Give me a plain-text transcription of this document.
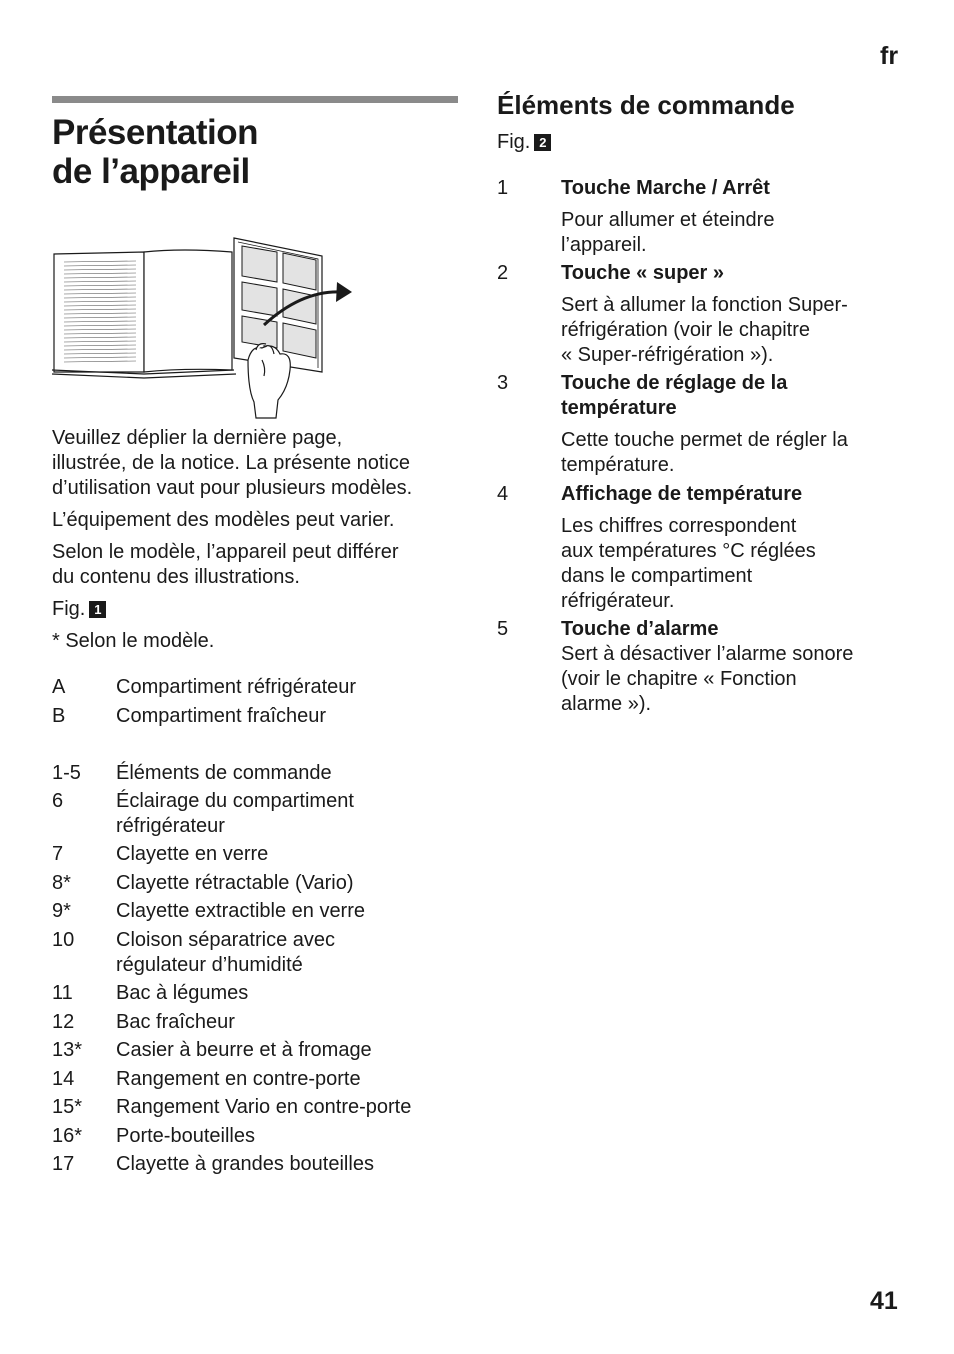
fr
Présentation
de l’appareil
Veuillez déplier la dernière page,
illustrée, de la notice. La présente notice
d’utilisation vaut pour plusieurs modèles.
L’équipement des modèles peut varier.
Selon le modèle, l’appareil peut différer
du contenu des illustrations.
Fig. 1
* Selon le modèle.
A	Compartiment réfrigérateur
B	Compartiment fraîcheur
1-5 Éléments de commande
6	Éclairage du compartiment
réfrigérateur
7	Clayette en verre
8* Clayette rétractable (Vario)
9* Clayette extractible en verre
10 Cloison séparatrice avec
régulateur d’humidité
11 Bac à légumes
12 Bac fraîcheur
13* Casier à beurre et à fromage
14 Rangement en contre-porte
15* Rangement Vario en contre-porte
16* Porte-bouteilles
17 Clayette à grandes bouteilles
Éléments de commande
Fig. 2
1	Touche Marche / Arrêt
Pour allumer et éteindre
l’appareil.
2	Touche « super »
Sert à allumer la fonction Super-
réfrigération (voir le chapitre
« Super-réfrigération »).
3	Touche de réglage de la
température
Cette touche permet de régler la
température.
4	Affichage de température
Les chiffres correspondent
aux températures °C réglées
dans le compartiment
réfrigérateur.
5	Touche d’alarme
Sert à désactiver l’alarme sonore
(voir le chapitre « Fonction
alarme »).
41
